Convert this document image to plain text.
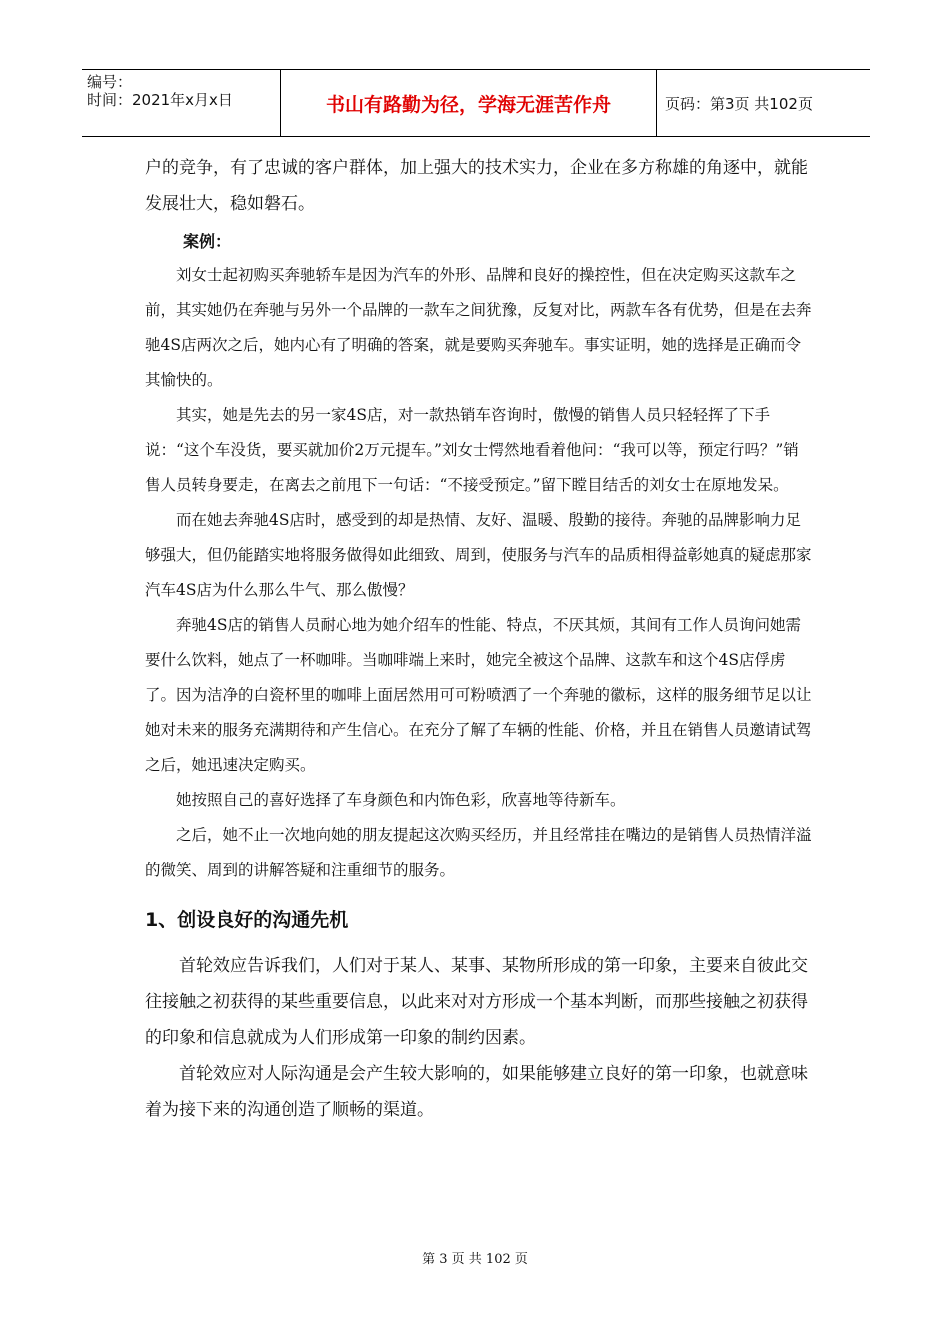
编号：
时间：2021年x月x日	书山有路勤为径，学海无涯苦作舟	页码：第3页 共102页

户的竞争，有了忠诚的客户群体，加上强大的技术实力，企业在多方称雄的角逐中，就能发展壮大，稳如磐石。

案例：

刘女士起初购买奔驰轿车是因为汽车的外形、品牌和良好的操控性，但在决定购买这款车之前，其实她仍在奔驰与另外一个品牌的一款车之间犹豫，反复对比，两款车各有优势，但是在去奔驰4S店两次之后，她内心有了明确的答案，就是要购买奔驰车。事实证明，她的选择是正确而令其愉快的。

其实，她是先去的另一家4S店，对一款热销车咨询时，傲慢的销售人员只轻轻挥了下手说：“这个车没货，要买就加价2万元提车。”刘女士愕然地看着他问：“我可以等，预定行吗？”销售人员转身要走，在离去之前甩下一句话：“不接受预定。”留下瞠目结舌的刘女士在原地发呆。

而在她去奔驰4S店时，感受到的却是热情、友好、温暖、殷勤的接待。奔驰的品牌影响力足够强大，但仍能踏实地将服务做得如此细致、周到，使服务与汽车的品质相得益彰她真的疑虑那家汽车4S店为什么那么牛气、那么傲慢？

奔驰4S店的销售人员耐心地为她介绍车的性能、特点，不厌其烦，其间有工作人员询问她需要什么饮料，她点了一杯咖啡。当咖啡端上来时，她完全被这个品牌、这款车和这个4S店俘虏了。因为洁净的白瓷杯里的咖啡上面居然用可可粉喷洒了一个奔驰的徽标，这样的服务细节足以让她对未来的服务充满期待和产生信心。在充分了解了车辆的性能、价格，并且在销售人员邀请试驾之后，她迅速决定购买。

她按照自己的喜好选择了车身颜色和内饰色彩，欣喜地等待新车。

之后，她不止一次地向她的朋友提起这次购买经历，并且经常挂在嘴边的是销售人员热情洋溢的微笑、周到的讲解答疑和注重细节的服务。

1、创设良好的沟通先机

首轮效应告诉我们，人们对于某人、某事、某物所形成的第一印象，主要来自彼此交往接触之初获得的某些重要信息，以此来对对方形成一个基本判断，而那些接触之初获得的印象和信息就成为人们形成第一印象的制约因素。

首轮效应对人际沟通是会产生较大影响的，如果能够建立良好的第一印象，也就意味着为接下来的沟通创造了顺畅的渠道。

第 3 页 共 102 页
